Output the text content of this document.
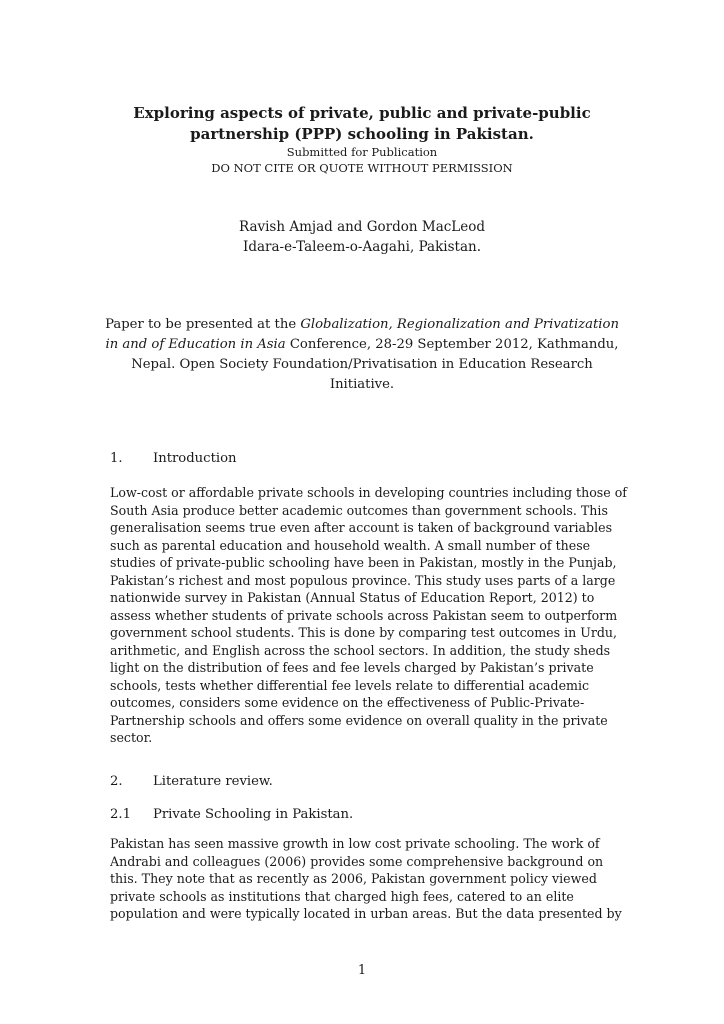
Exploring aspects of private, public and private-public
partnership (PPP) schooling in Pakistan.
Submitted for Publication
DO NOT CITE OR QUOTE WITHOUT PERMISSION
Ravish Amjad and Gordon MacLeod
Idara-e-Taleem-o-Aagahi, Pakistan.
Paper to be presented at the Globalization, Regionalization and Privatization in and of Education in Asia Conference, 28-29 September 2012, Kathmandu, Nepal. Open Society Foundation/Privatisation in Education Research Initiative.
1. Introduction
Low-cost or affordable private schools in developing countries including those of South Asia produce better academic outcomes than government schools. This generalisation seems true even after account is taken of background variables such as parental education and household wealth. A small number of these studies of private-public schooling have been in Pakistan, mostly in the Punjab, Pakistan’s richest and most populous province. This study uses parts of a large nationwide survey in Pakistan (Annual Status of Education Report, 2012) to assess whether students of private schools across Pakistan seem to outperform government school students. This is done by comparing test outcomes in Urdu, arithmetic, and English across the school sectors. In addition, the study sheds light on the distribution of fees and fee levels charged by Pakistan’s private schools, tests whether differential fee levels relate to differential academic outcomes, considers some evidence on the effectiveness of Public-Private-Partnership schools and offers some evidence on overall quality in the private sector.
2. Literature review.
2.1 Private Schooling in Pakistan.
Pakistan has seen massive growth in low cost private schooling. The work of Andrabi and colleagues (2006) provides some comprehensive background on this. They note that as recently as 2006, Pakistan government policy viewed private schools as institutions that charged high fees, catered to an elite population and were typically located in urban areas. But the data presented by
1
